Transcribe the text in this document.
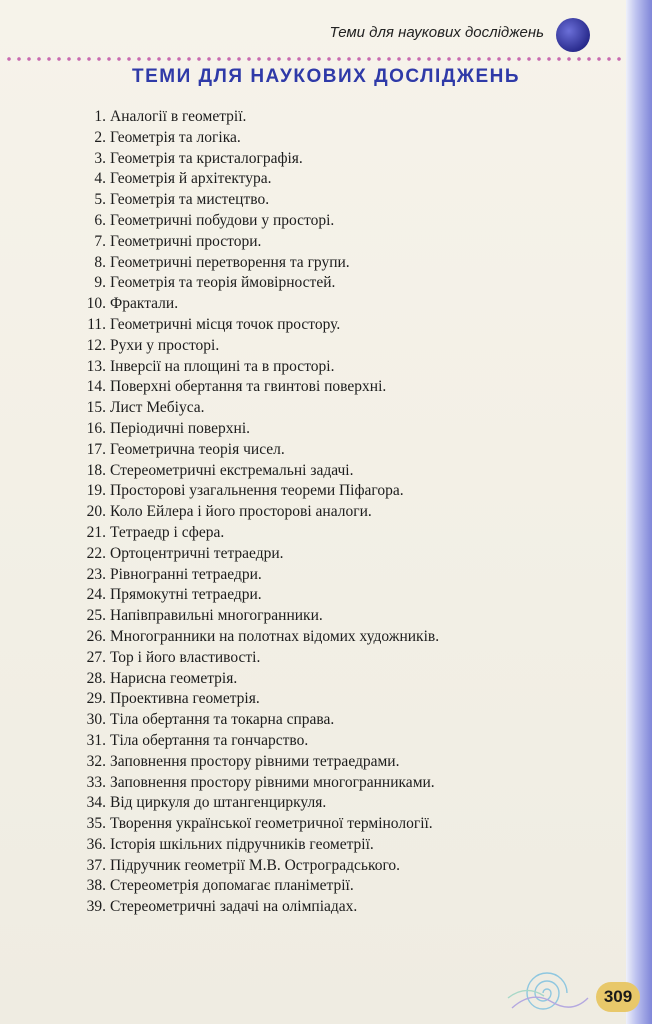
Теми для наукових досліджень
ТЕМИ ДЛЯ НАУКОВИХ ДОСЛІДЖЕНЬ
1. Аналогії в геометрії.
2. Геометрія та логіка.
3. Геометрія та кристалографія.
4. Геометрія й архітектура.
5. Геометрія та мистецтво.
6. Геометричні побудови у просторі.
7. Геометричні простори.
8. Геометричні перетворення та групи.
9. Геометрія та теорія ймовірностей.
10. Фрактали.
11. Геометричні місця точок простору.
12. Рухи у просторі.
13. Інверсії на площині та в просторі.
14. Поверхні обертання та гвинтові поверхні.
15. Лист Мебіуса.
16. Періодичні поверхні.
17. Геометрична теорія чисел.
18. Стереометричні екстремальні задачі.
19. Просторові узагальнення теореми Піфагора.
20. Коло Ейлера і його просторові аналоги.
21. Тетраедр і сфера.
22. Ортоцентричні тетраедри.
23. Рівногранні тетраедри.
24. Прямокутні тетраедри.
25. Напівправильні многогранники.
26. Многогранники на полотнах відомих художників.
27. Тор і його властивості.
28. Нарисна геометрія.
29. Проективна геометрія.
30. Тіла обертання та токарна справа.
31. Тіла обертання та гончарство.
32. Заповнення простору рівними тетраедрами.
33. Заповнення простору рівними многогранниками.
34. Від циркуля до штангенциркуля.
35. Творення української геометричної термінології.
36. Історія шкільних підручників геометрії.
37. Підручник геометрії М.В. Остроградського.
38. Стереометрія допомагає планіметрії.
39. Стереометричні задачі на олімпіадах.
309
